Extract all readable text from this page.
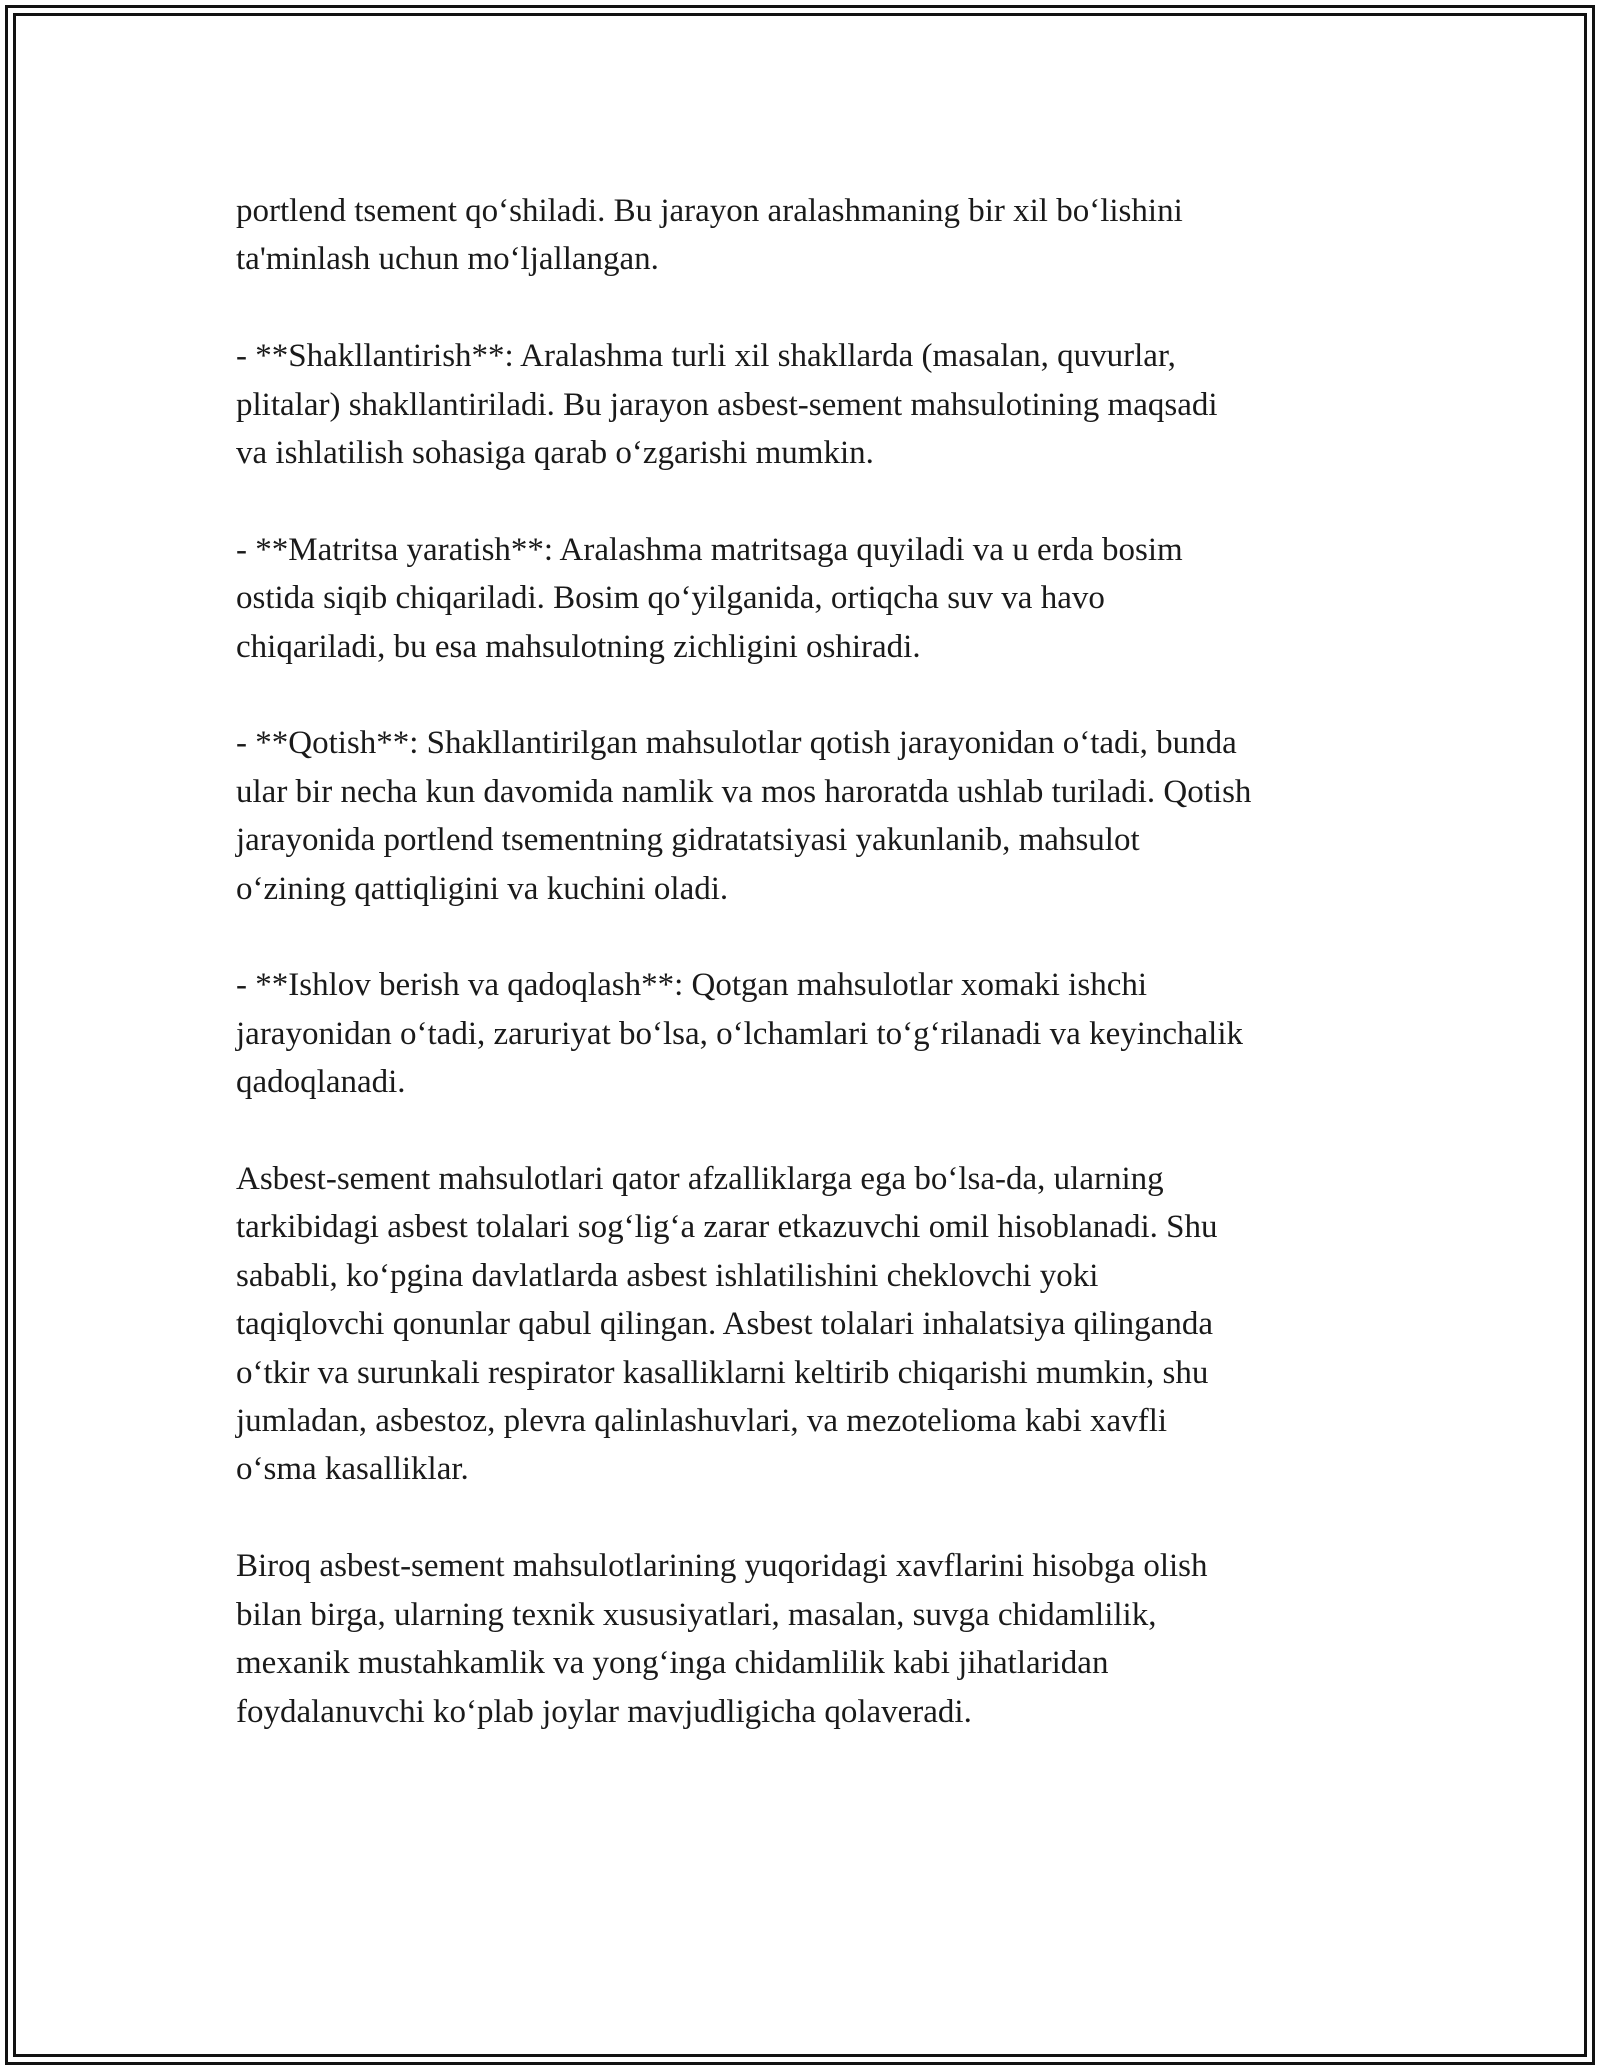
portlend tsement qo‘shiladi. Bu jarayon aralashmaning bir xil bo‘lishini
ta'minlash uchun mo‘ljallangan.

- **Shakllantirish**: Aralashma turli xil shakllarda (masalan, quvurlar,
plitalar) shakllantiriladi. Bu jarayon asbest-sement mahsulotining maqsadi
va ishlatilish sohasiga qarab o‘zgarishi mumkin.

- **Matritsa yaratish**: Aralashma matritsaga quyiladi va u erda bosim
ostida siqib chiqariladi. Bosim qo‘yilganida, ortiqcha suv va havo
chiqariladi, bu esa mahsulotning zichligini oshiradi.

- **Qotish**: Shakllantirilgan mahsulotlar qotish jarayonidan o‘tadi, bunda
ular bir necha kun davomida namlik va mos haroratda ushlab turiladi. Qotish
jarayonida portlend tsementning gidratatsiyasi yakunlanib, mahsulot
o‘zining qattiqligini va kuchini oladi.

- **Ishlov berish va qadoqlash**: Qotgan mahsulotlar xomaki ishchi
jarayonidan o‘tadi, zaruriyat bo‘lsa, o‘lchamlari to‘g‘rilanadi va keyinchalik
qadoqlanadi.

Asbest-sement mahsulotlari qator afzalliklarga ega bo‘lsa-da, ularning
tarkibidagi asbest tolalari sog‘lig‘a zarar etkazuvchi omil hisoblanadi. Shu
sababli, ko‘pgina davlatlarda asbest ishlatilishini cheklovchi yoki
taqiqlovchi qonunlar qabul qilingan. Asbest tolalari inhalatsiya qilinganda
o‘tkir va surunkali respirator kasalliklarni keltirib chiqarishi mumkin, shu
jumladan, asbestoz, plevra qalinlashuvlari, va mezotelioma kabi xavfli
o‘sma kasalliklar.

Biroq asbest-sement mahsulotlarining yuqoridagi xavflarini hisobga olish
bilan birga, ularning texnik xususiyatlari, masalan, suvga chidamlilik,
mexanik mustahkamlik va yong‘inga chidamlilik kabi jihatlaridan
foydalanuvchi ko‘plab joylar mavjudligicha qolaveradi.
